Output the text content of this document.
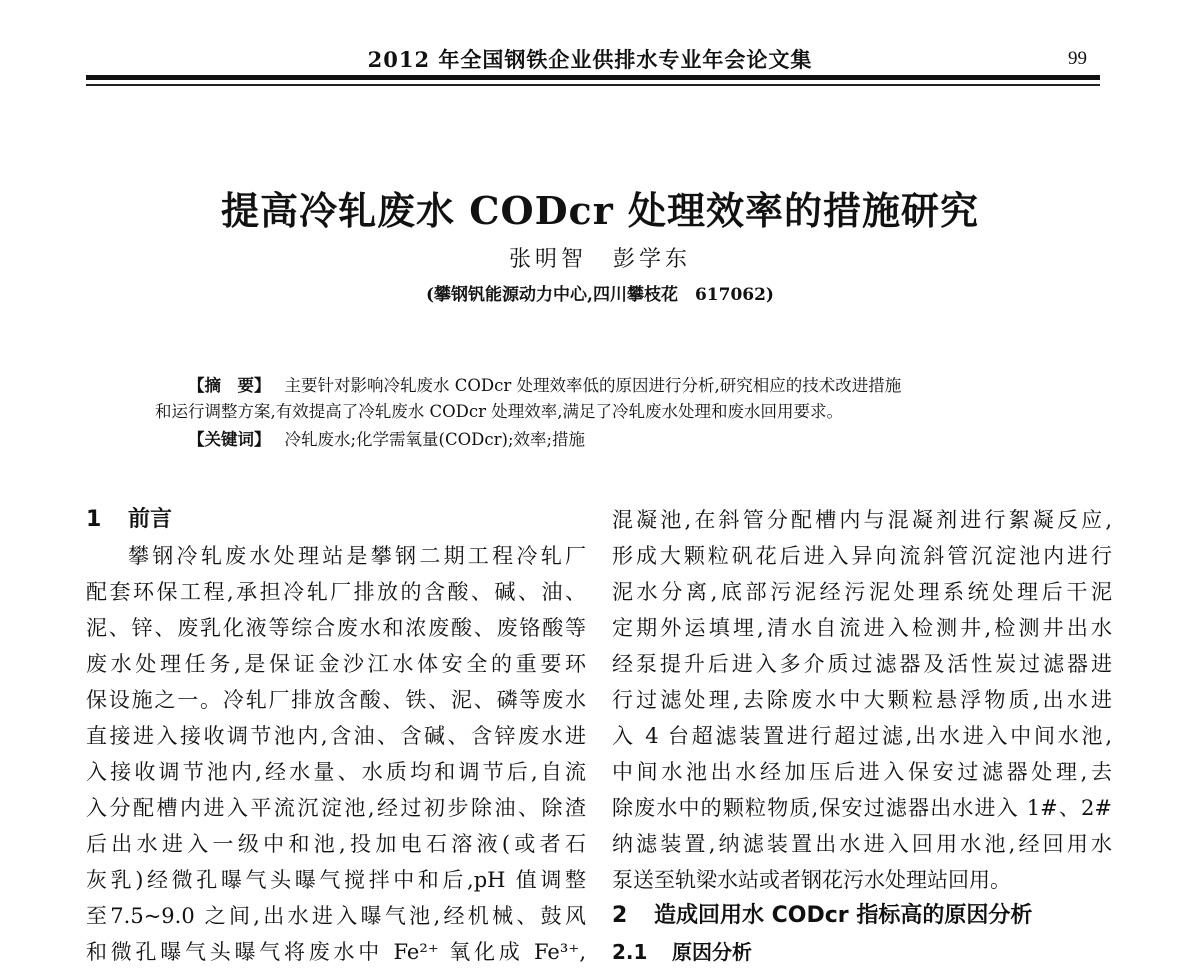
2012 年全国钢铁企业供排水专业年会论文集	99
提高冷轧废水 CODcr 处理效率的措施研究
张明智　彭学东
(攀钢钒能源动力中心,四川攀枝花　617062)
【摘　要】 主要针对影响冷轧废水 CODcr 处理效率低的原因进行分析,研究相应的技术改进措施
和运行调整方案,有效提高了冷轧废水 CODcr 处理效率,满足了冷轧废水处理和废水回用要求。
【关键词】 冷轧废水;化学需氧量(CODcr);效率;措施
1 前言
攀钢冷轧废水处理站是攀钢二期工程冷轧厂
配套环保工程,承担冷轧厂排放的含酸、碱、油、
泥、锌、废乳化液等综合废水和浓废酸、废铬酸等
废水处理任务,是保证金沙江水体安全的重要环
保设施之一。冷轧厂排放含酸、铁、泥、磷等废水
直接进入接收调节池内,含油、含碱、含锌废水进
入接收调节池内,经水量、水质均和调节后,自流
入分配槽内进入平流沉淀池,经过初步除油、除渣
后出水进入一级中和池,投加电石溶液(或者石
灰乳)经微孔曝气头曝气搅拌中和后,pH 值调整
至7.5~9.0 之间,出水进入曝气池,经机械、鼓风
和微孔曝气头曝气将废水中 Fe²⁺ 氧化成 Fe³⁺,
混凝池,在斜管分配槽内与混凝剂进行絮凝反应,
形成大颗粒矾花后进入异向流斜管沉淀池内进行
泥水分离,底部污泥经污泥处理系统处理后干泥
定期外运填埋,清水自流进入检测井,检测井出水
经泵提升后进入多介质过滤器及活性炭过滤器进
行过滤处理,去除废水中大颗粒悬浮物质,出水进
入 4 台超滤装置进行超过滤,出水进入中间水池,
中间水池出水经加压后进入保安过滤器处理,去
除废水中的颗粒物质,保安过滤器出水进入 1#、2#
纳滤装置,纳滤装置出水进入回用水池,经回用水
泵送至轨梁水站或者钢花污水处理站回用。
2 造成回用水 CODcr 指标高的原因分析
2.1 原因分析
